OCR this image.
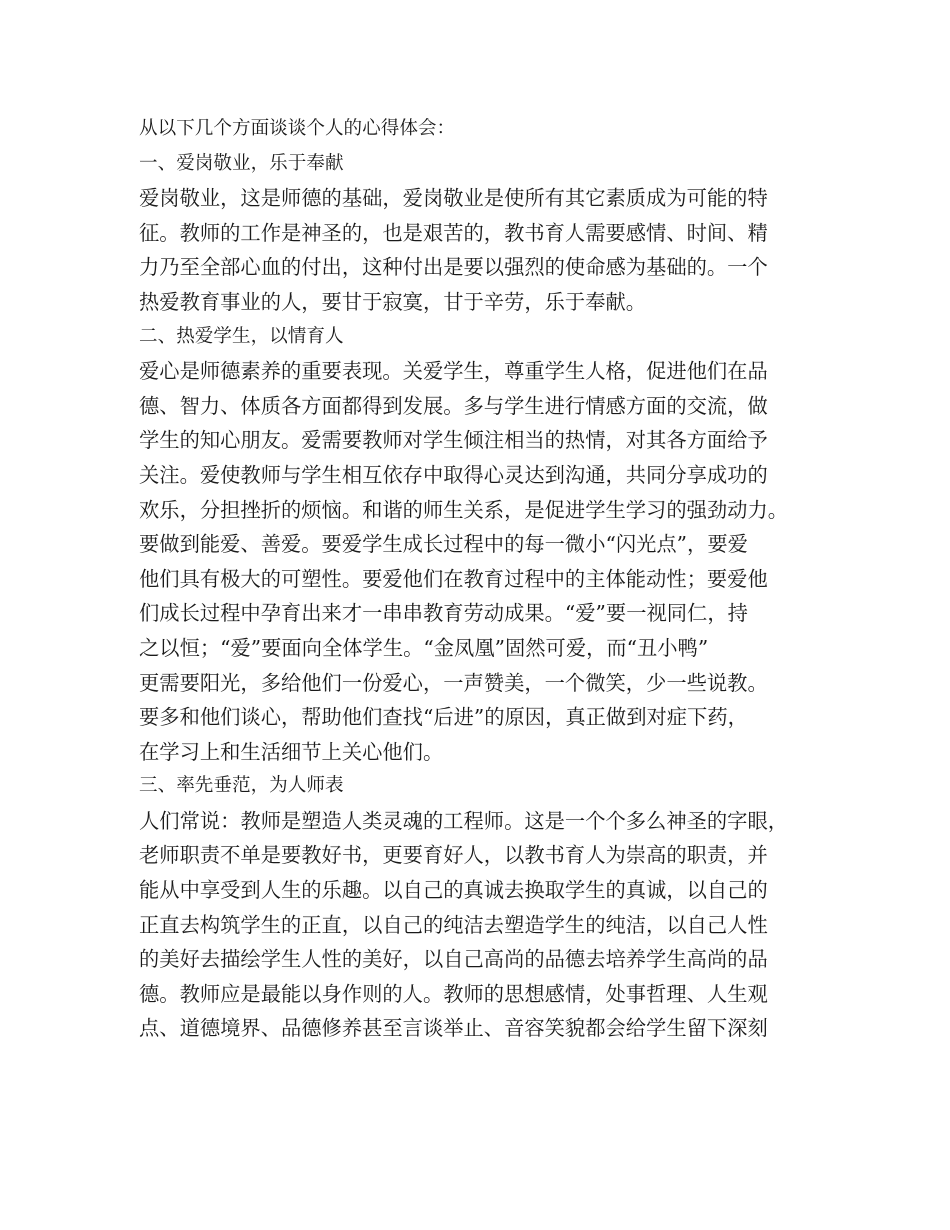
从以下几个方面谈谈个人的心得体会：
一、爱岗敬业，乐于奉献
爱岗敬业，这是师德的基础，爱岗敬业是使所有其它素质成为可能的特
征。教师的工作是神圣的，也是艰苦的，教书育人需要感情、时间、精
力乃至全部心血的付出，这种付出是要以强烈的使命感为基础的。一个
热爱教育事业的人，要甘于寂寞，甘于辛劳，乐于奉献。
二、热爱学生，以情育人
爱心是师德素养的重要表现。关爱学生，尊重学生人格，促进他们在品
德、智力、体质各方面都得到发展。多与学生进行情感方面的交流，做
学生的知心朋友。爱需要教师对学生倾注相当的热情，对其各方面给予
关注。爱使教师与学生相互依存中取得心灵达到沟通，共同分享成功的
欢乐，分担挫折的烦恼。和谐的师生关系，是促进学生学习的强劲动力。
要做到能爱、善爱。要爱学生成长过程中的每一微小“闪光点”，要爱
他们具有极大的可塑性。要爱他们在教育过程中的主体能动性；要爱他
们成长过程中孕育出来才一串串教育劳动成果。“爱”要一视同仁，持
之以恒；“爱”要面向全体学生。“金凤凰”固然可爱，而“丑小鸭”
更需要阳光，多给他们一份爱心，一声赞美，一个微笑，少一些说教。
要多和他们谈心，帮助他们查找“后进”的原因，真正做到对症下药，
在学习上和生活细节上关心他们。
三、率先垂范，为人师表
人们常说：教师是塑造人类灵魂的工程师。这是一个个多么神圣的字眼，
老师职责不单是要教好书，更要育好人，以教书育人为崇高的职责，并
能从中享受到人生的乐趣。以自己的真诚去换取学生的真诚，以自己的
正直去构筑学生的正直，以自己的纯洁去塑造学生的纯洁，以自己人性
的美好去描绘学生人性的美好，以自己高尚的品德去培养学生高尚的品
德。教师应是最能以身作则的人。教师的思想感情，处事哲理、人生观
点、道德境界、品德修养甚至言谈举止、音容笑貌都会给学生留下深刻
